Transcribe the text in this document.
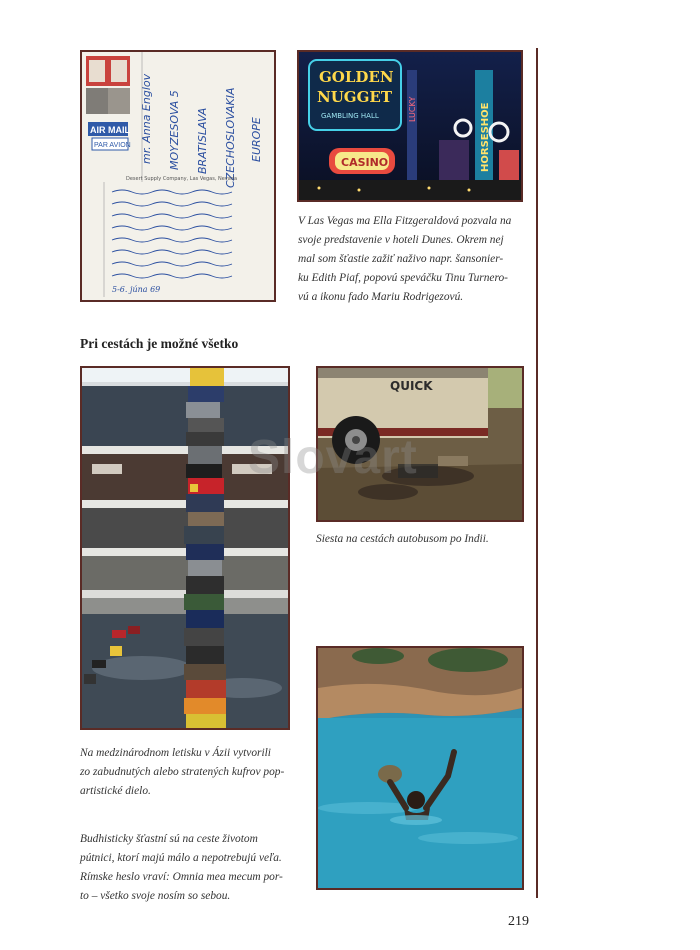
AIR MAIL
PAR AVION mr. Anna Englov MOYZESOVA 5 BRATISLAVA CZECHOSLOVAKIA EUROPE
Desert Supply Company, Las Vegas, Nevada
5-6. júna 69
GOLDEN
NUGGET
GAMBLING HALL
CASINO
LUCKY	HORSESHOE
V Las Vegas ma Ella Fitzgeraldová pozvala na
svoje predstavenie v hoteli Dunes. Okrem nej
mal som šťastie zažiť naživo napr. šansonier-
ku Edith Piaf, popovú speváčku Tinu Turnero-
vú a ikonu fado Mariu Rodrigezovú.
Pri cestách je možné všetko
Na medzinárodnom letisku v Ázii vytvorili
zo zabudnutých alebo stratených kufrov pop-
artistické dielo.
Budhisticky šťastní sú na ceste životom
pútnici, ktorí majú málo a nepotrebujú veľa.
Rímske heslo vraví: Omnia mea mecum por-
to – všetko svoje nosím so sebou.
QUICK
Slovart
Siesta na cestách autobusom po Indii.
219
